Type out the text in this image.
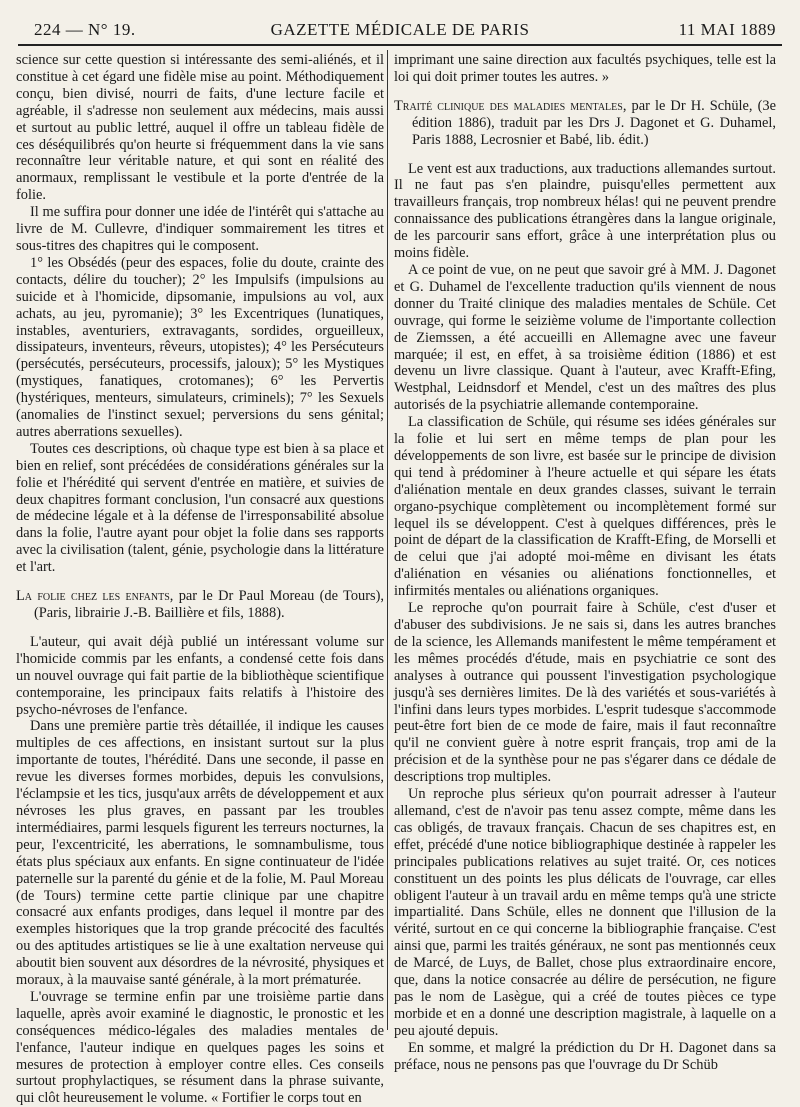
224 — N° 19.	GAZETTE MÉDICALE DE PARIS	11 MAI 1889

science sur cette question si intéressante des semi-aliénés, et il constitue à cet égard une fidèle mise au point. Méthodiquement conçu, bien divisé, nourri de faits, d'une lecture facile et agréable, il s'adresse non seulement aux médecins, mais aussi et surtout au public lettré, auquel il offre un tableau fidèle de ces déséquilibrés qu'on heurte si fréquemment dans la vie sans reconnaître leur véritable nature, et qui sont en réalité des anormaux, remplissant le vestibule et la porte d'entrée de la folie.

Il me suffira pour donner une idée de l'intérêt qui s'attache au livre de M. Cullevre, d'indiquer sommairement les titres et sous-titres des chapitres qui le composent.

1° les Obsédés (peur des espaces, folie du doute, crainte des contacts, délire du toucher); 2° les Impulsifs (impulsions au suicide et à l'homicide, dipsomanie, impulsions au vol, aux achats, au jeu, pyromanie); 3° les Excentriques (lunatiques, instables, aventuriers, extravagants, sordides, orgueilleux, dissipateurs, inventeurs, rêveurs, utopistes); 4° les Persécuteurs (persécutés, persécuteurs, processifs, jaloux); 5° les Mystiques (mystiques, fanatiques, crotomanes); 6° les Pervertis (hystériques, menteurs, simulateurs, criminels); 7° les Sexuels (anomalies de l'instinct sexuel; perversions du sens génital; autres aberrations sexuelles).

Toutes ces descriptions, où chaque type est bien à sa place et bien en relief, sont précédées de considérations générales sur la folie et l'hérédité qui servent d'entrée en matière, et suivies de deux chapitres formant conclusion, l'un consacré aux questions de médecine légale et à la défense de l'irresponsabilité absolue dans la folie, l'autre ayant pour objet la folie dans ses rapports avec la civilisation (talent, génie, psychologie dans la littérature et l'art.

La folie chez les enfants, par le Dr Paul Moreau (de Tours), (Paris, librairie J.-B. Baillière et fils, 1888).

L'auteur, qui avait déjà publié un intéressant volume sur l'homicide commis par les enfants, a condensé cette fois dans un nouvel ouvrage qui fait partie de la bibliothèque scientifique contemporaine, les principaux faits relatifs à l'histoire des psycho-névroses de l'enfance.

Dans une première partie très détaillée, il indique les causes multiples de ces affections, en insistant surtout sur la plus importante de toutes, l'hérédité. Dans une seconde, il passe en revue les diverses formes morbides, depuis les convulsions, l'éclampsie et les tics, jusqu'aux arrêts de développement et aux névroses les plus graves, en passant par les troubles intermédiaires, parmi lesquels figurent les terreurs nocturnes, la peur, l'excentricité, les aberrations, le somnambulisme, tous états plus spéciaux aux enfants. En signe continuateur de l'idée paternelle sur la parenté du génie et de la folie, M. Paul Moreau (de Tours) termine cette partie clinique par une chapitre consacré aux enfants prodiges, dans lequel il montre par des exemples historiques que la trop grande précocité des facultés ou des aptitudes artistiques se lie à une exaltation nerveuse qui aboutit bien souvent aux désordres de la névrosité, physiques et moraux, à la mauvaise santé générale, à la mort prématurée.

L'ouvrage se termine enfin par une troisième partie dans laquelle, après avoir examiné le diagnostic, le pronostic et les conséquences médico-légales des maladies mentales de l'enfance, l'auteur indique en quelques pages les soins et mesures de protection à employer contre elles. Ces conseils surtout prophylactiques, se résument dans la phrase suivante, qui clôt heureusement le volume. « Fortifier le corps tout en

imprimant une saine direction aux facultés psychiques, telle est la loi qui doit primer toutes les autres. »

Traité clinique des maladies mentales, par le Dr H. Schüle, (3e édition 1886), traduit par les Drs J. Dagonet et G. Duhamel, Paris 1888, Lecrosnier et Babé, lib. édit.)

Le vent est aux traductions, aux traductions allemandes surtout. Il ne faut pas s'en plaindre, puisqu'elles permettent aux travailleurs français, trop nombreux hélas! qui ne peuvent prendre connaissance des publications étrangères dans la langue originale, de les parcourir sans effort, grâce à une interprétation plus ou moins fidèle.

A ce point de vue, on ne peut que savoir gré à MM. J. Dagonet et G. Duhamel de l'excellente traduction qu'ils viennent de nous donner du Traité clinique des maladies mentales de Schüle. Cet ouvrage, qui forme le seizième volume de l'importante collection de Ziemssen, a été accueilli en Allemagne avec une faveur marquée; il est, en effet, à sa troisième édition (1886) et est devenu un livre classique. Quant à l'auteur, avec Krafft-Efing, Westphal, Leidnsdorf et Mendel, c'est un des maîtres des plus autorisés de la psychiatrie allemande contemporaine.

La classification de Schüle, qui résume ses idées générales sur la folie et lui sert en même temps de plan pour les développements de son livre, est basée sur le principe de division qui tend à prédominer à l'heure actuelle et qui sépare les états d'aliénation mentale en deux grandes classes, suivant le terrain organo-psychique complètement ou incomplètement formé sur lequel ils se développent. C'est à quelques différences, près le point de départ de la classification de Krafft-Efing, de Morselli et de celui que j'ai adopté moi-même en divisant les états d'aliénation en vésanies ou aliénations fonctionnelles, et infirmités mentales ou aliénations organiques.

Le reproche qu'on pourrait faire à Schüle, c'est d'user et d'abuser des subdivisions. Je ne sais si, dans les autres branches de la science, les Allemands manifestent le même tempérament et les mêmes procédés d'étude, mais en psychiatrie ce sont des analyses à outrance qui poussent l'investigation psychologique jusqu'à ses dernières limites. De là des variétés et sous-variétés à l'infini dans leurs types morbides. L'esprit tudesque s'accommode peut-être fort bien de ce mode de faire, mais il faut reconnaître qu'il ne convient guère à notre esprit français, trop ami de la précision et de la synthèse pour ne pas s'égarer dans ce dédale de descriptions trop multiples.

Un reproche plus sérieux qu'on pourrait adresser à l'auteur allemand, c'est de n'avoir pas tenu assez compte, même dans les cas obligés, de travaux français. Chacun de ses chapitres est, en effet, précédé d'une notice bibliographique destinée à rappeler les principales publications relatives au sujet traité. Or, ces notices constituent un des points les plus délicats de l'ouvrage, car elles obligent l'auteur à un travail ardu en même temps qu'à une stricte impartialité. Dans Schüle, elles ne donnent que l'illusion de la vérité, surtout en ce qui concerne la bibliographie française. C'est ainsi que, parmi les traités généraux, ne sont pas mentionnés ceux de Marcé, de Luys, de Ballet, chose plus extraordinaire encore, que, dans la notice consacrée au délire de persécution, ne figure pas le nom de Lasègue, qui a créé de toutes pièces ce type morbide et en a donné une description magistrale, à laquelle on a peu ajouté depuis.

En somme, et malgré la prédiction du Dr H. Dagonet dans sa préface, nous ne pensons pas que l'ouvrage du Dr Schüb
